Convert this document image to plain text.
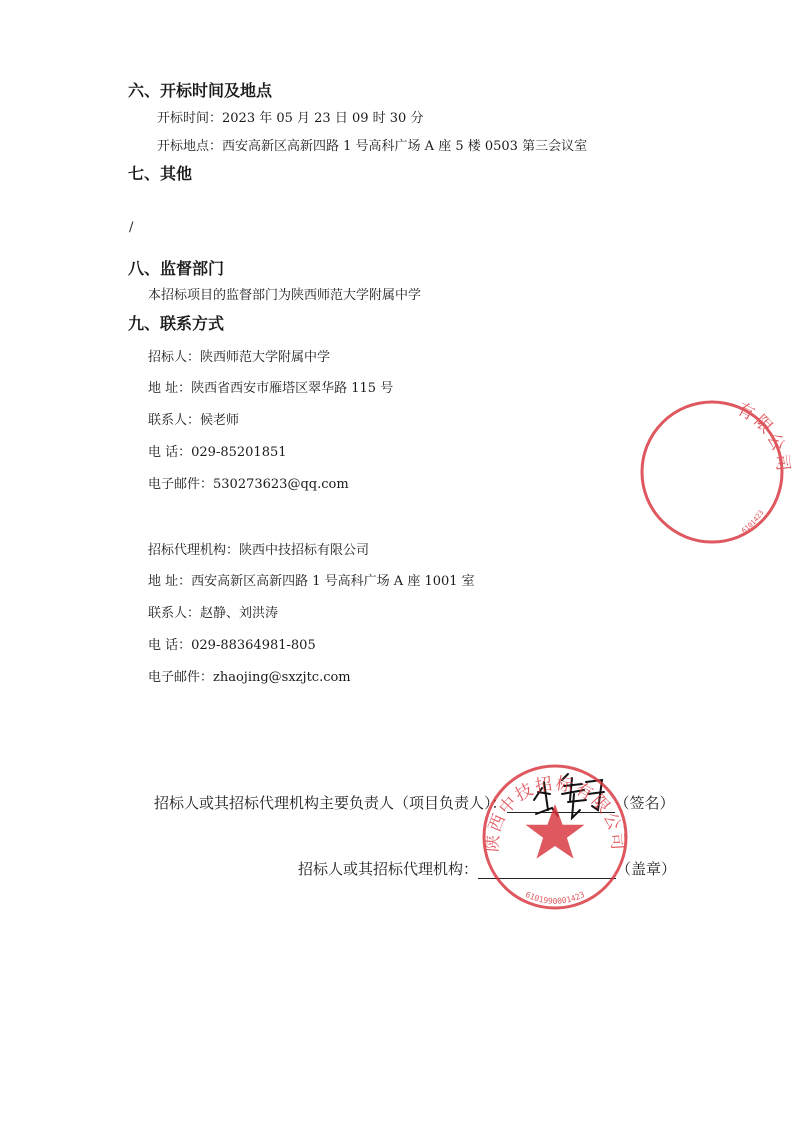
六、开标时间及地点
开标时间：2023 年 05 月 23 日 09 时 30 分
开标地点：西安高新区高新四路 1 号高科广场 A 座 5 楼 0503 第三会议室
七、其他
/
八、监督部门
本招标项目的监督部门为陕西师范大学附属中学
九、联系方式
招标人：陕西师范大学附属中学
地 址：陕西省西安市雁塔区翠华路 115 号
联系人：候老师
电 话：029-85201851
电子邮件：530273623@qq.com
招标代理机构：陕西中技招标有限公司
地 址：西安高新区高新四路 1 号高科广场 A 座 1001 室
联系人：赵静、刘洪涛
电 话：029-88364981-805
电子邮件：zhaojing@sxzjtc.com
招标人或其招标代理机构主要负责人（项目负责人）：	（签名）
招标人或其招标代理机构：	（盖章）
陕西中技招标有限公司
6101990001423
有限公司
6101423
